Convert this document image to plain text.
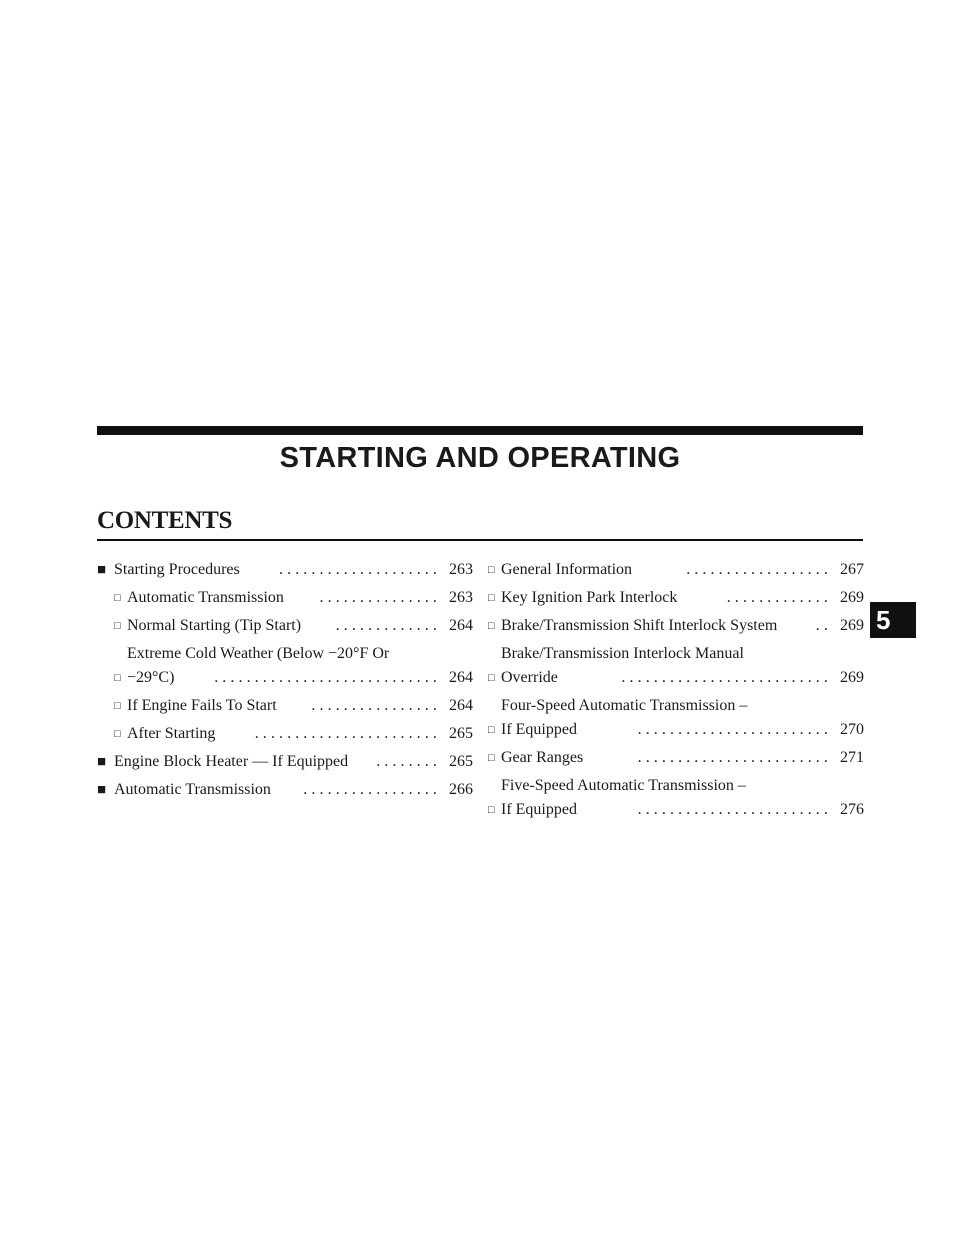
STARTING AND OPERATING
CONTENTS
■ Starting Procedures	.................... 263
□ Automatic Transmission	............... 263
□ Normal Starting (Tip Start)	............. 264
□
Extreme Cold Weather (Below −20°F Or
−29°C)	............................ 264
□ If Engine Fails To Start	................ 264
□ After Starting	....................... 265
■ Engine Block Heater — If Equipped	........ 265
■ Automatic Transmission	................. 266
□ General Information	.................. 267
□ Key Ignition Park Interlock	............. 269
□ Brake/Transmission Shift Interlock System	.. 269
□
Brake/Transmission Interlock Manual
Override	.......................... 269
□
Four-Speed Automatic Transmission –
If Equipped	........................ 270
□ Gear Ranges	........................ 271
□
Five-Speed Automatic Transmission –
If Equipped	........................ 276
5
